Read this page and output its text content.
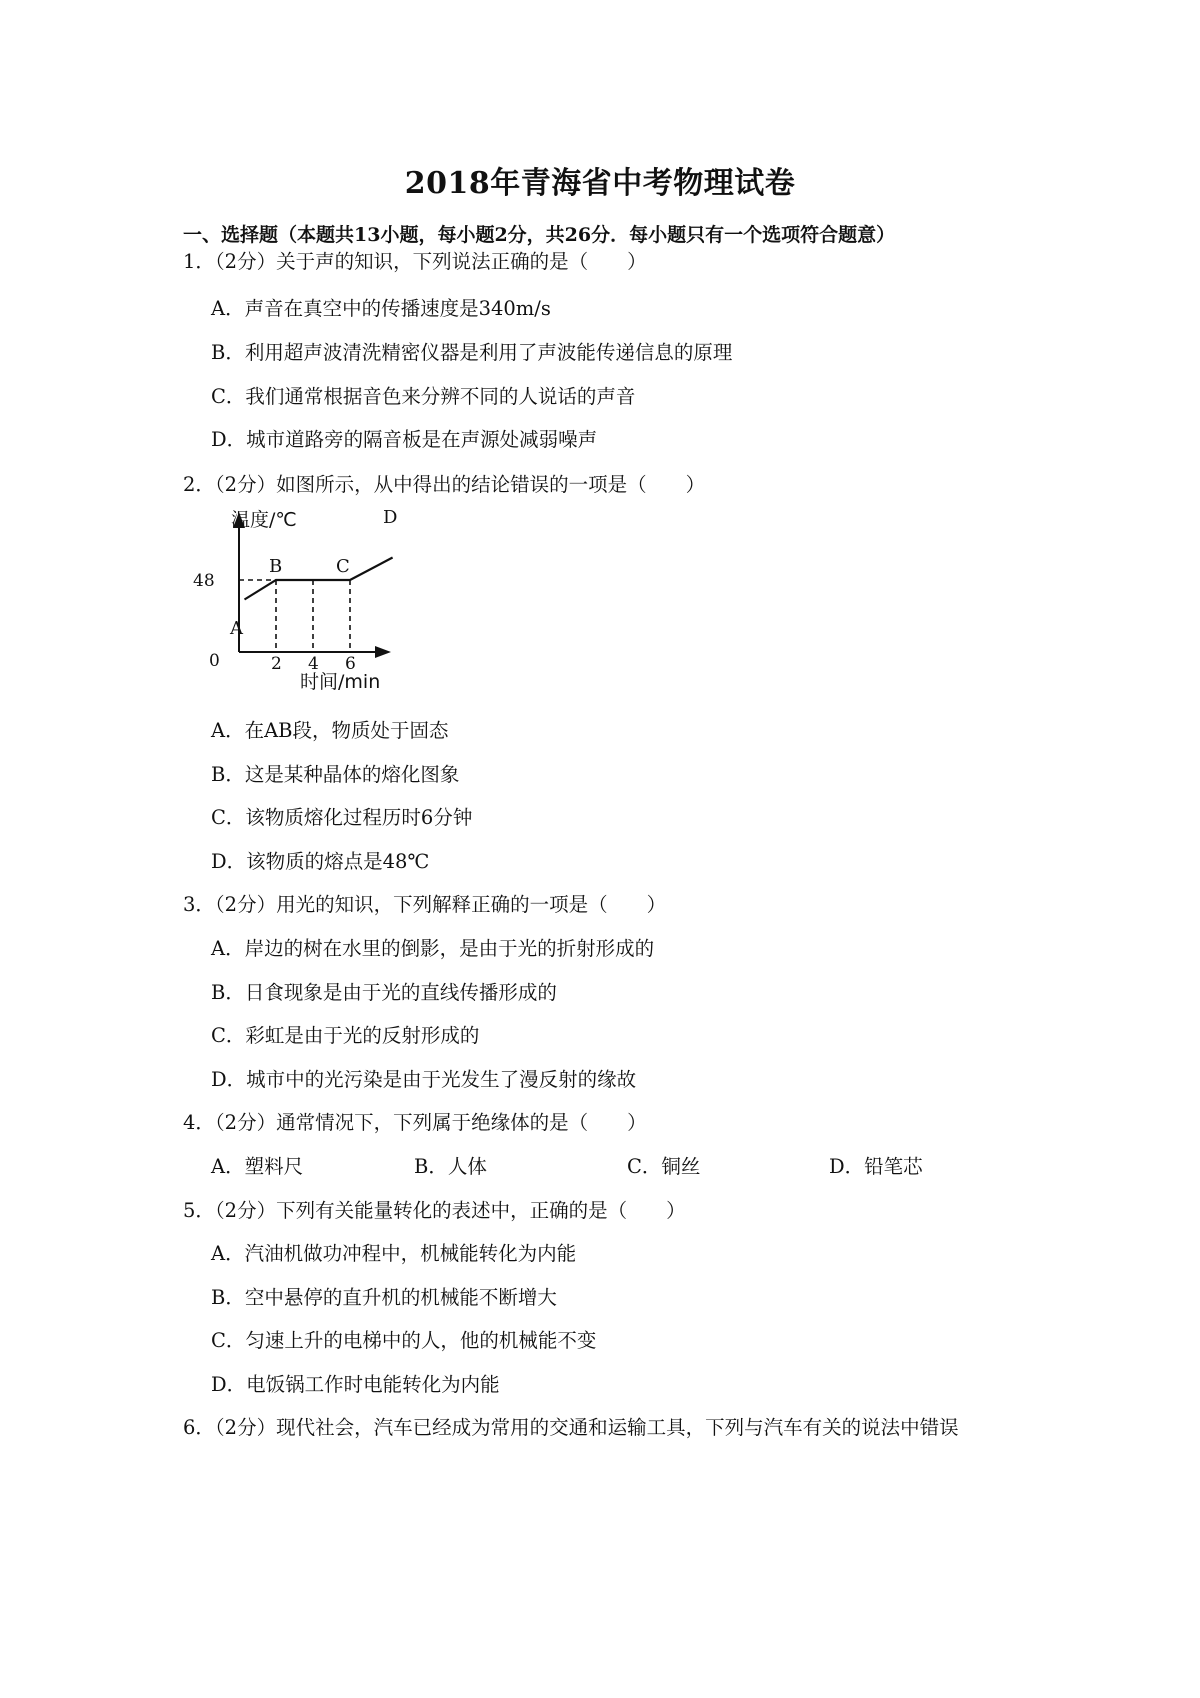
2018年青海省中考物理试卷
一、选择题（本题共13小题，每小题2分，共26分．每小题只有一个选项符合题意）
1．（2分）关于声的知识，下列说法正确的是（　　）
A．声音在真空中的传播速度是340m/s
B．利用超声波清洗精密仪器是利用了声波能传递信息的原理
C．我们通常根据音色来分辨不同的人说话的声音
D．城市道路旁的隔音板是在声源处减弱噪声
2．（2分）如图所示，从中得出的结论错误的一项是（　　）
温度/℃
时间/min
0
48
2 4 6
A
B	C
D
A．在AB段，物质处于固态
B．这是某种晶体的熔化图象
C．该物质熔化过程历时6分钟
D．该物质的熔点是48℃
3．（2分）用光的知识，下列解释正确的一项是（　　）
A．岸边的树在水里的倒影，是由于光的折射形成的
B．日食现象是由于光的直线传播形成的
C．彩虹是由于光的反射形成的
D．城市中的光污染是由于光发生了漫反射的缘故
4．（2分）通常情况下，下列属于绝缘体的是（　　）
A．塑料尺	B．人体	C．铜丝	D．铅笔芯
5．（2分）下列有关能量转化的表述中，正确的是（　　）
A．汽油机做功冲程中，机械能转化为内能
B．空中悬停的直升机的机械能不断增大
C．匀速上升的电梯中的人，他的机械能不变
D．电饭锅工作时电能转化为内能
6．（2分）现代社会，汽车已经成为常用的交通和运输工具，下列与汽车有关的说法中错误
